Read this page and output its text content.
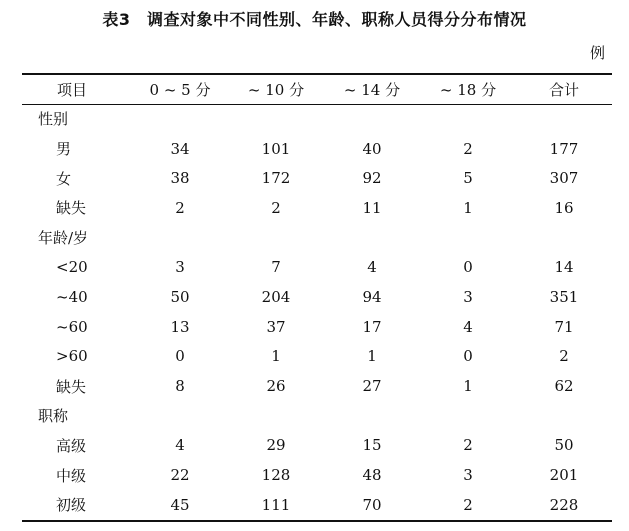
表3　调查对象中不同性别、年龄、职称人员得分分布情况
例
项目	0 ~ 5 分	~ 10 分	~ 14 分	~ 18 分	合计
性别					
男	34	101	40	2	177
女	38	172	92	5	307
缺失	2	2	11	1	16
年龄/岁					
<20	3	7	4	0	14
~40	50	204	94	3	351
~60	13	37	17	4	71
>60	0	1	1	0	2
缺失	8	26	27	1	62
职称					
高级	4	29	15	2	50
中级	22	128	48	3	201
初级	45	111	70	2	228
